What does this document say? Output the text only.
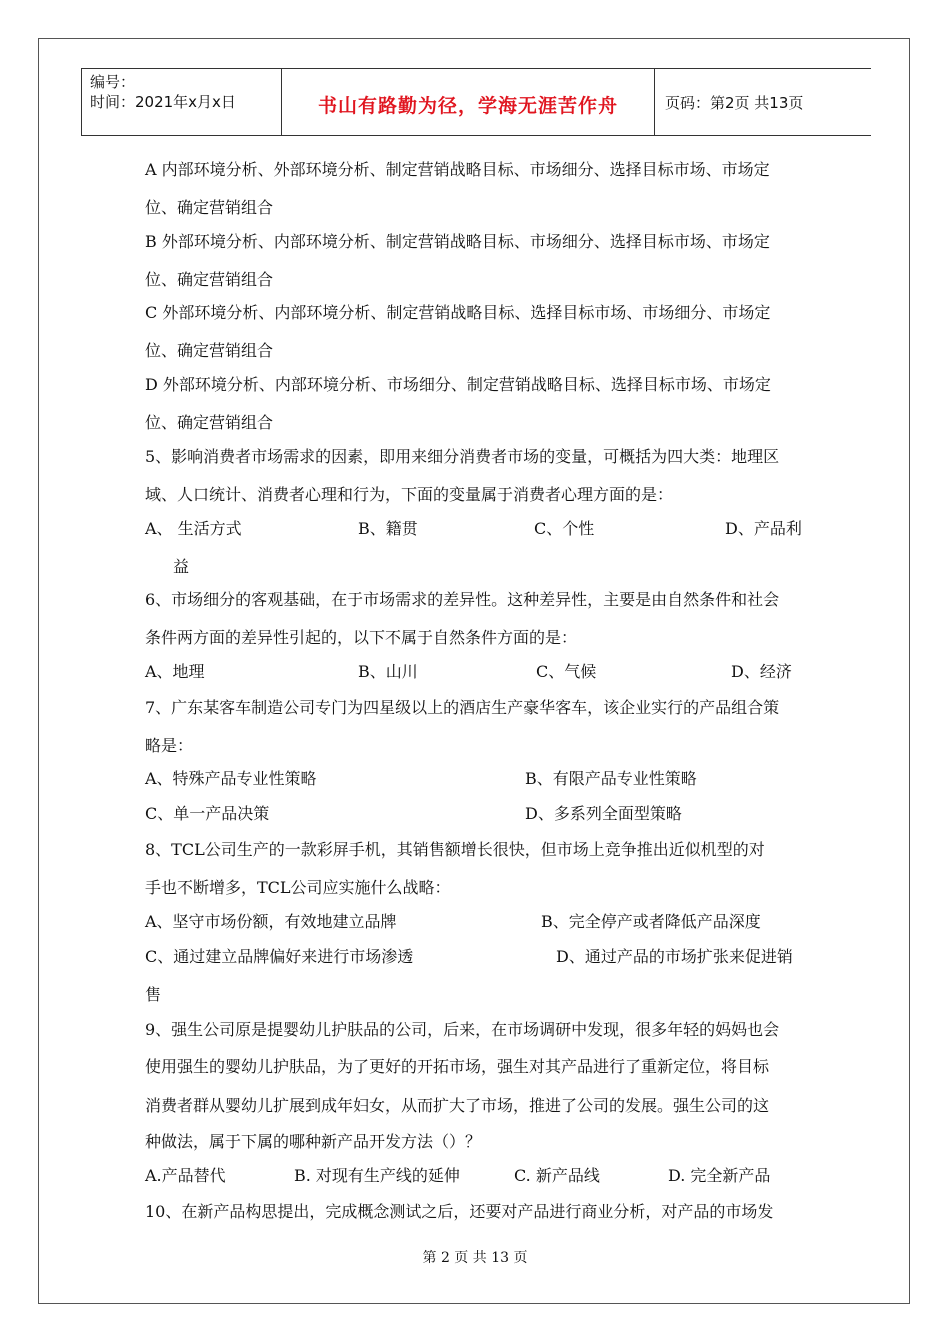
编号：
时间：2021年x月x日	书山有路勤为径，学海无涯苦作舟	页码：第2页 共13页
A 内部环境分析、外部环境分析、制定营销战略目标、市场细分、选择目标市场、市场定
位、确定营销组合
B 外部环境分析、内部环境分析、制定营销战略目标、市场细分、选择目标市场、市场定
位、确定营销组合
C 外部环境分析、内部环境分析、制定营销战略目标、选择目标市场、市场细分、市场定
位、确定营销组合
D 外部环境分析、内部环境分析、市场细分、制定营销战略目标、选择目标市场、市场定
位、确定营销组合
5、影响消费者市场需求的因素，即用来细分消费者市场的变量，可概括为四大类：地理区
域、人口统计、消费者心理和行为，下面的变量属于消费者心理方面的是：
A、 生活方式	B、籍贯	C、个性	D、产品利
益
6、市场细分的客观基础，在于市场需求的差异性。这种差异性，主要是由自然条件和社会
条件两方面的差异性引起的，以下不属于自然条件方面的是：
A、地理	B、山川	C、气候	D、经济
7、广东某客车制造公司专门为四星级以上的酒店生产豪华客车，该企业实行的产品组合策
略是：
A、特殊产品专业性策略	B、有限产品专业性策略
C、单一产品决策	D、多系列全面型策略
8、TCL公司生产的一款彩屏手机，其销售额增长很快，但市场上竞争推出近似机型的对
手也不断增多，TCL公司应实施什么战略：
A、坚守市场份额，有效地建立品牌	B、完全停产或者降低产品深度
C、通过建立品牌偏好来进行市场渗透	D、通过产品的市场扩张来促进销
售
9、强生公司原是提婴幼儿护肤品的公司，后来，在市场调研中发现，很多年轻的妈妈也会
使用强生的婴幼儿护肤品，为了更好的开拓市场，强生对其产品进行了重新定位，将目标
消费者群从婴幼儿扩展到成年妇女，从而扩大了市场，推进了公司的发展。强生公司的这
种做法，属于下属的哪种新产品开发方法（）？
A.产品替代	B. 对现有生产线的延伸	C. 新产品线	D. 完全新产品
10、在新产品构思提出，完成概念测试之后，还要对产品进行商业分析，对产品的市场发
第 2 页 共 13 页
